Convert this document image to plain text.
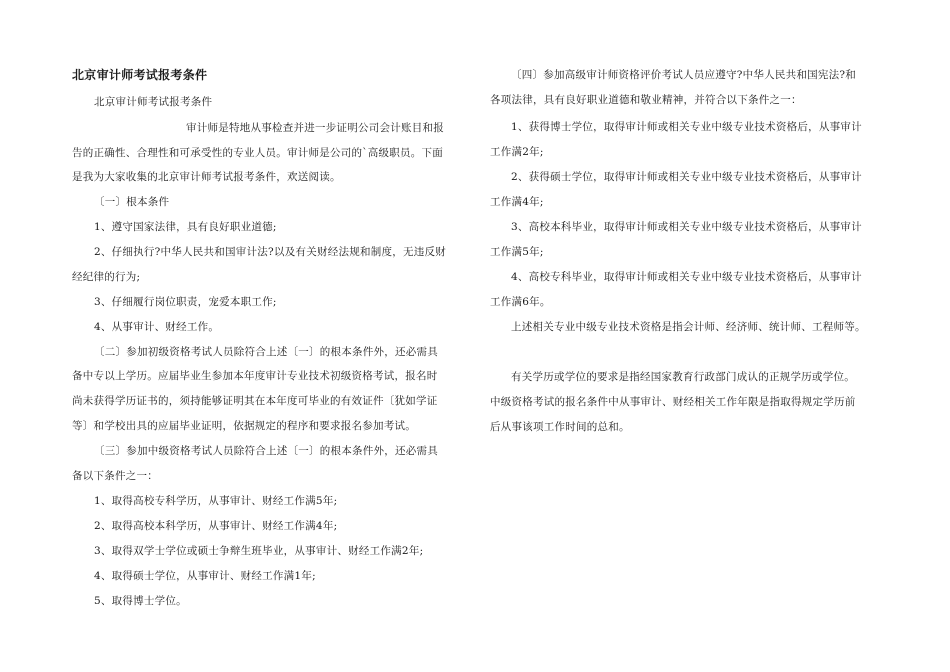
北京审计师考试报考条件
北京审计师考试报考条件
审计师是特地从事检查并进一步证明公司会计账目和报
告的正确性、合理性和可承受性的专业人员。审计师是公司的`高级职员。下面
是我为大家收集的北京审计师考试报考条件，欢送阅读。
〔一〕根本条件
1、遵守国家法律，具有良好职业道德;
2、仔细执行?中华人民共和国审计法?以及有关财经法规和制度，无违反财
经纪律的行为;
3、仔细履行岗位职责，宠爱本职工作;
4、从事审计、财经工作。
〔二〕参加初级资格考试人员除符合上述〔一〕的根本条件外，还必需具
备中专以上学历。应届毕业生参加本年度审计专业技术初级资格考试，报名时
尚未获得学历证书的，须持能够证明其在本年度可毕业的有效证件〔犹如学证
等〕和学校出具的应届毕业证明，依据规定的程序和要求报名参加考试。
〔三〕参加中级资格考试人员除符合上述〔一〕的根本条件外，还必需具
备以下条件之一：
1、取得高校专科学历，从事审计、财经工作满5年;
2、取得高校本科学历，从事审计、财经工作满4年;
3、取得双学士学位或硕士争辩生班毕业，从事审计、财经工作满2年;
4、取得硕士学位，从事审计、财经工作满1年;
5、取得博士学位。
〔四〕参加高级审计师资格评价考试人员应遵守?中华人民共和国宪法?和
各项法律，具有良好职业道德和敬业精神，并符合以下条件之一：
1、获得博士学位，取得审计师或相关专业中级专业技术资格后，从事审计
工作满2年;
2、获得硕士学位，取得审计师或相关专业中级专业技术资格后，从事审计
工作满4年;
3、高校本科毕业，取得审计师或相关专业中级专业技术资格后，从事审计
工作满5年;
4、高校专科毕业，取得审计师或相关专业中级专业技术资格后，从事审计
工作满6年。
上述相关专业中级专业技术资格是指会计师、经济师、统计师、工程师等。
有关学历或学位的要求是指经国家教育行政部门成认的正规学历或学位。
中级资格考试的报名条件中从事审计、财经相关工作年限是指取得规定学历前
后从事该项工作时间的总和。
